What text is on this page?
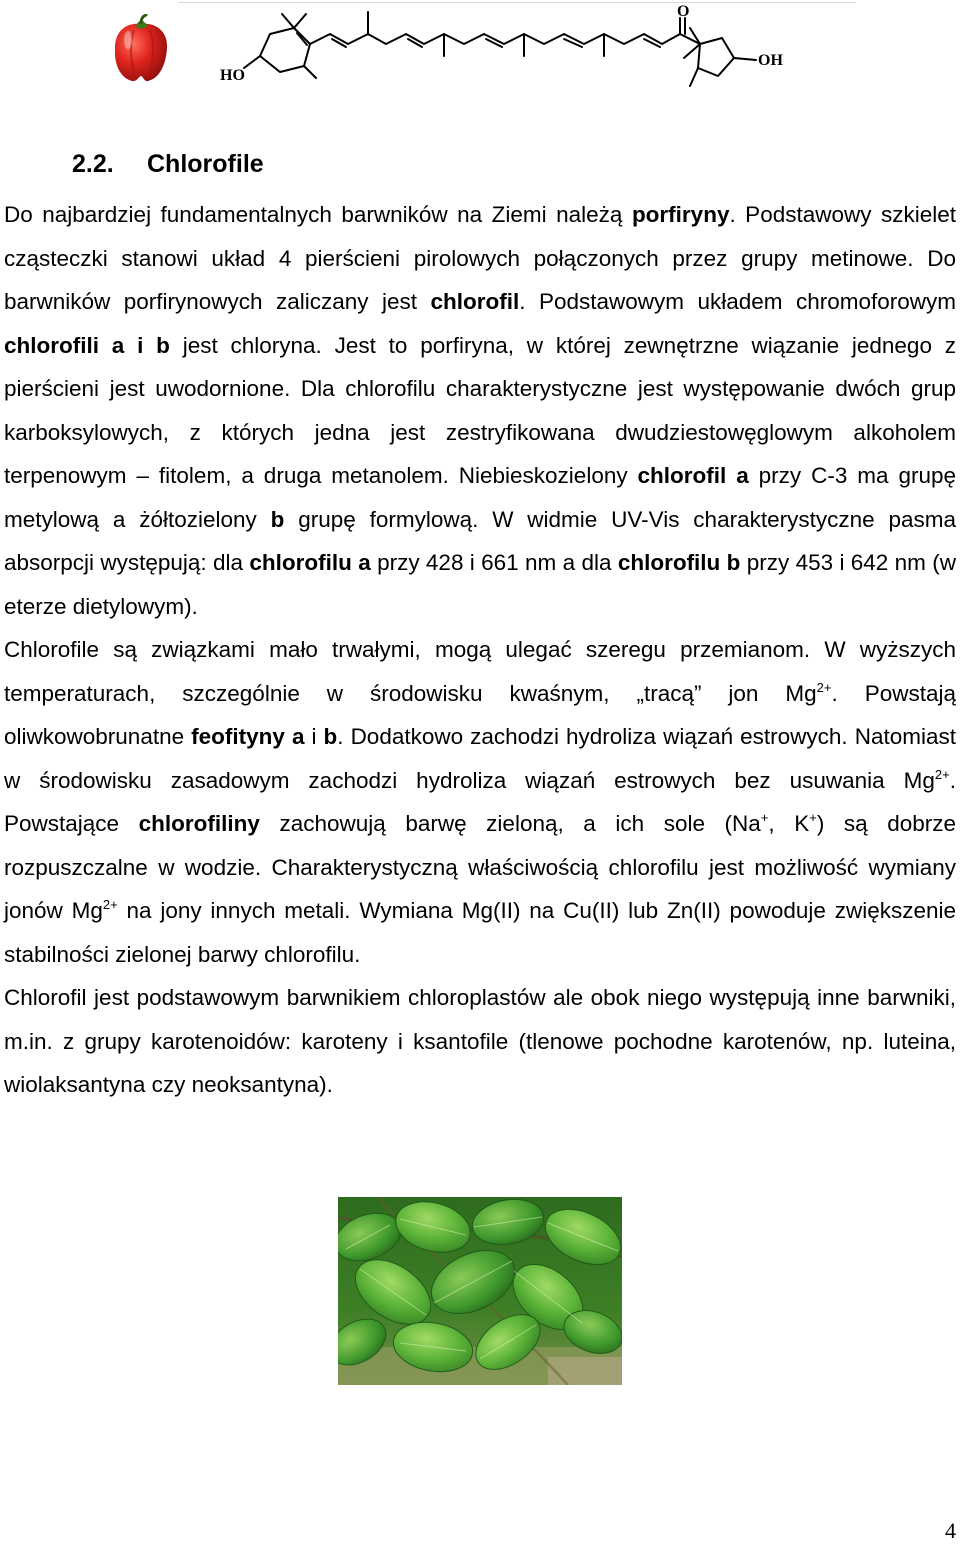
HO
O
OH
2.2. Chlorofile

Do najbardziej fundamentalnych barwników na Ziemi należą porfiryny. Podstawowy szkielet cząsteczki stanowi układ 4 pierścieni pirolowych połączonych przez grupy metinowe. Do barwników porfirynowych zaliczany jest chlorofil. Podstawowym układem chromoforowym chlorofili a i b jest chloryna. Jest to porfiryna, w której zewnętrzne wiązanie jednego z pierścieni jest uwodornione. Dla chlorofilu charakterystyczne jest występowanie dwóch grup karboksylowych, z których jedna jest zestryfikowana dwudziestowęglowym alkoholem terpenowym – fitolem, a druga metanolem. Niebieskozielony chlorofil a przy C-3 ma grupę metylową a żółtozielony b grupę formylową. W widmie UV-Vis charakterystyczne pasma absorpcji występują: dla chlorofilu a przy 428 i 661 nm a dla chlorofilu b przy 453 i 642 nm (w eterze dietylowym).

Chlorofile są związkami mało trwałymi, mogą ulegać szeregu przemianom. W wyższych temperaturach, szczególnie w środowisku kwaśnym, „tracą” jon $Mg^{2+}$. Powstają oliwkowobrunatne feofityny a i b. Dodatkowo zachodzi hydroliza wiązań estrowych. Natomiast w środowisku zasadowym zachodzi hydroliza wiązań estrowych bez usuwania $Mg^{2+}$. Powstające chlorofiliny zachowują barwę zieloną, a ich sole (Na+, K+) są dobrze rozpuszczalne w wodzie. Charakterystyczną właściwością chlorofilu jest możliwość wymiany jonów $Mg^{2+}$ na jony innych metali. Wymiana Mg(II) na Cu(II) lub Zn(II) powoduje zwiększenie stabilności zielonej barwy chlorofilu.

Chlorofil jest podstawowym barwnikiem chloroplastów ale obok niego występują inne barwniki, m.in. z grupy karotenoidów: karoteny i ksantofile (tlenowe pochodne karotenów, np. luteina, wiolaksantyna czy neoksantyna).

4
